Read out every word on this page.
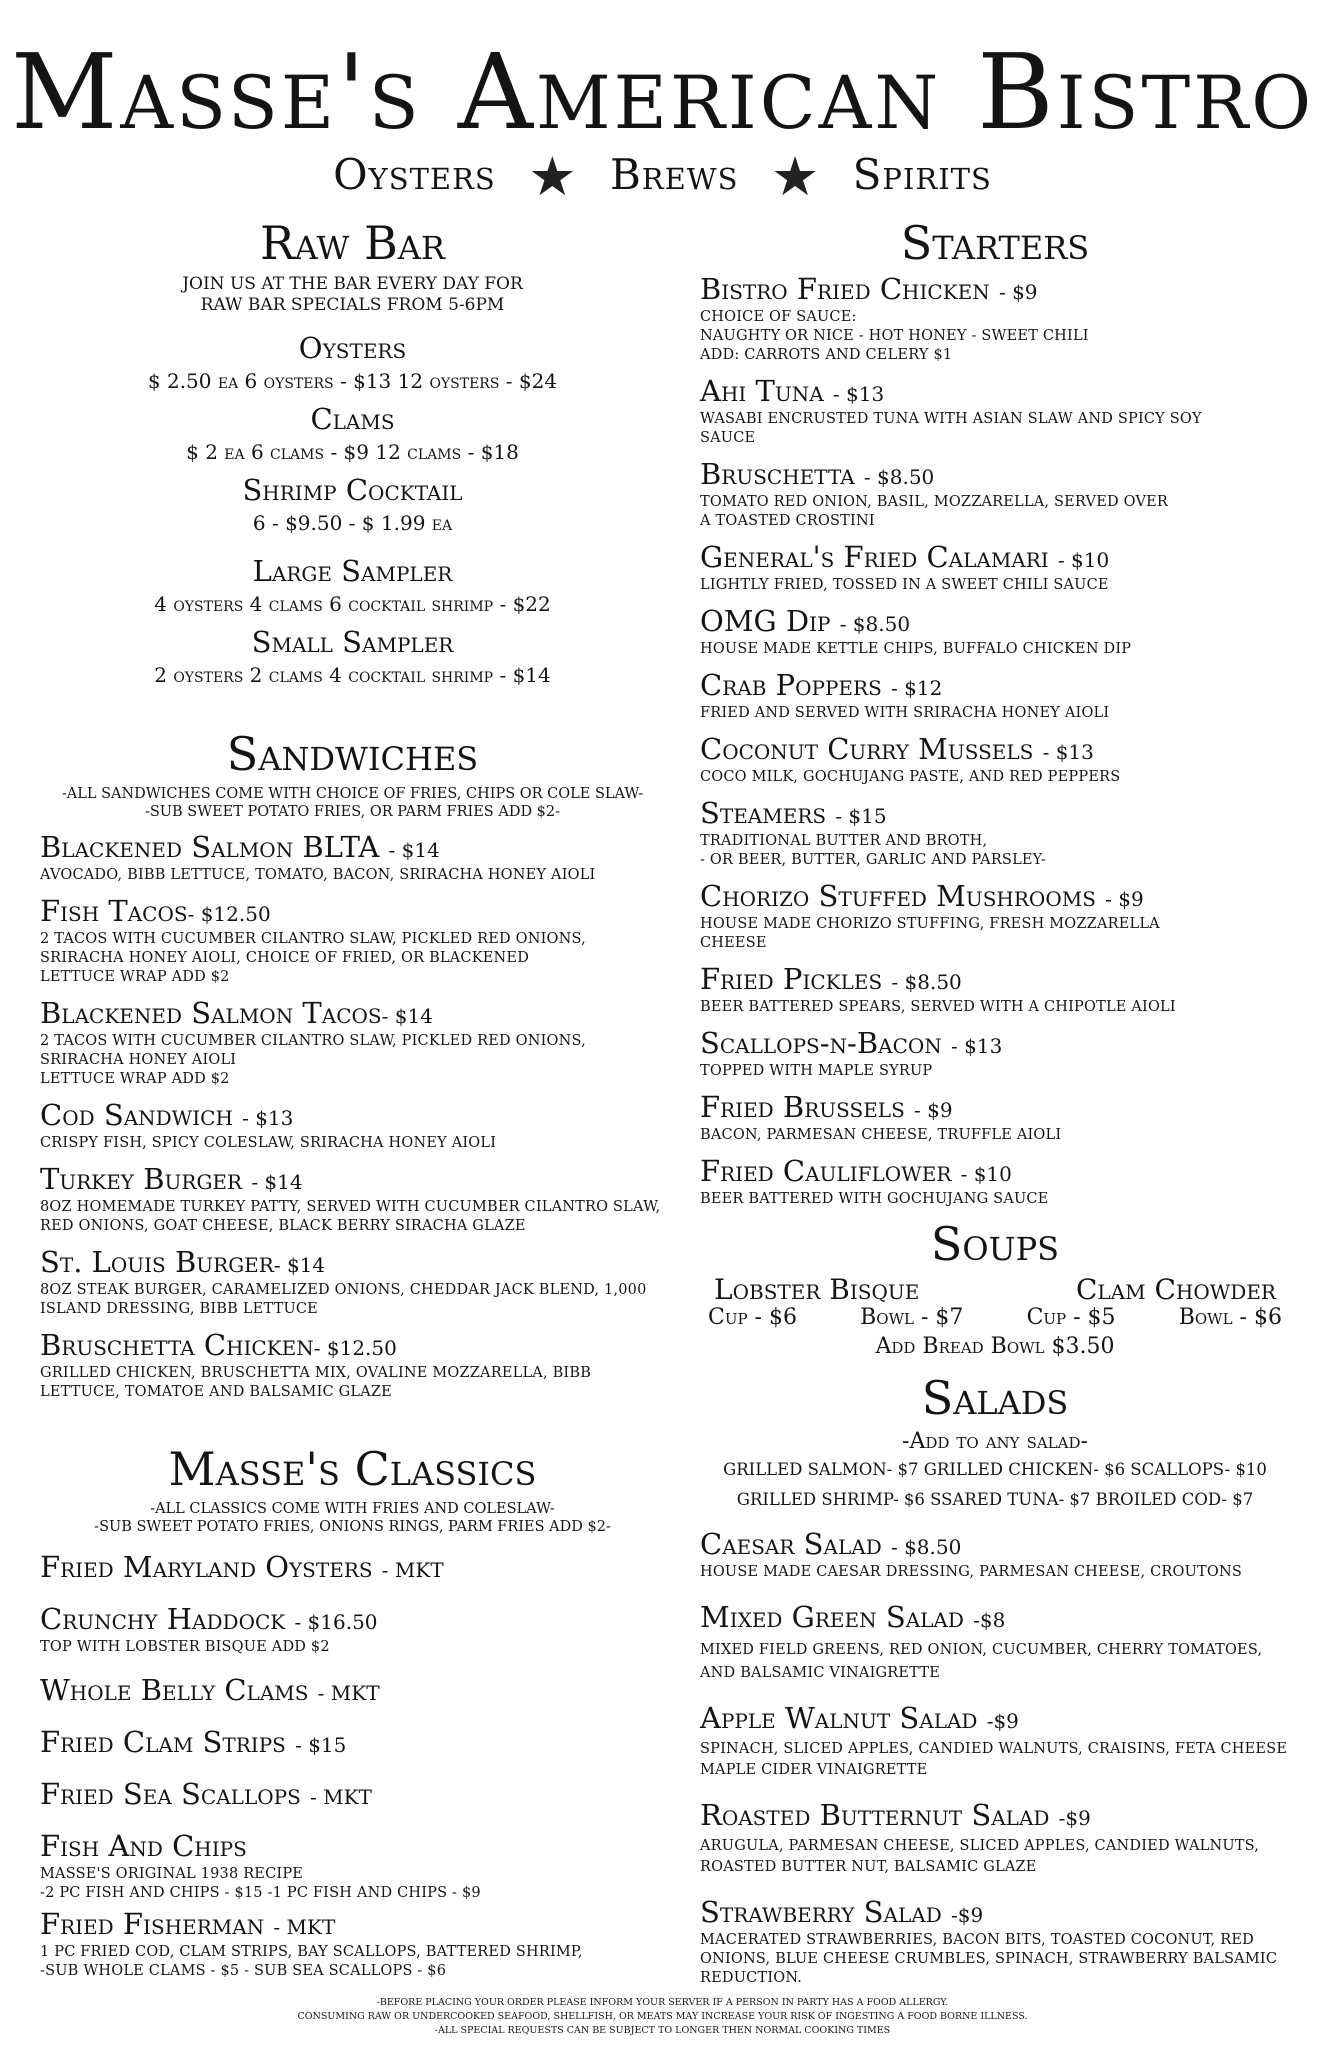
Masse's American Bistro
Oysters ★ Brews ★ Spirits
Raw Bar
JOIN US AT THE BAR EVERY DAY FOR
RAW BAR SPECIALS FROM 5-6PM
Oysters
$ 2.50 ea 6 oysters - $13 12 oysters - $24
Clams
$ 2 ea 6 clams - $9 12 clams - $18
Shrimp Cocktail
6 - $9.50 - $ 1.99 ea
Large Sampler
4 oysters 4 clams 6 cocktail shrimp - $22
Small Sampler
2 oysters 2 clams 4 cocktail shrimp - $14
Sandwiches
-ALL SANDWICHES COME WITH CHOICE OF FRIES, CHIPS OR COLE SLAW-
-SUB SWEET POTATO FRIES, OR PARM FRIES ADD $2-
Blackened Salmon BLTA - $14
AVOCADO, BIBB LETTUCE, TOMATO, BACON, SRIRACHA HONEY AIOLI
Fish Tacos- $12.50
2 TACOS WITH CUCUMBER CILANTRO SLAW, PICKLED RED ONIONS,
SRIRACHA HONEY AIOLI, CHOICE OF FRIED, OR BLACKENED
LETTUCE WRAP ADD $2
Blackened Salmon Tacos- $14
2 TACOS WITH CUCUMBER CILANTRO SLAW, PICKLED RED ONIONS,
SRIRACHA HONEY AIOLI
LETTUCE WRAP ADD $2
Cod Sandwich - $13
CRISPY FISH, SPICY COLESLAW, SRIRACHA HONEY AIOLI
Turkey Burger - $14
8OZ HOMEMADE TURKEY PATTY, SERVED WITH CUCUMBER CILANTRO SLAW,
RED ONIONS, GOAT CHEESE, BLACK BERRY SIRACHA GLAZE
St. Louis Burger- $14
8OZ STEAK BURGER, CARAMELIZED ONIONS, CHEDDAR JACK BLEND, 1,000
ISLAND DRESSING, BIBB LETTUCE
Bruschetta Chicken- $12.50
GRILLED CHICKEN, BRUSCHETTA MIX, OVALINE MOZZARELLA, BIBB
LETTUCE, TOMATOE AND BALSAMIC GLAZE
Masse's Classics
-ALL CLASSICS COME WITH FRIES AND COLESLAW-
-SUB SWEET POTATO FRIES, ONIONS RINGS, PARM FRIES ADD $2-
Fried Maryland Oysters - MKT
Crunchy Haddock - $16.50
TOP WITH LOBSTER BISQUE ADD $2
Whole Belly Clams - MKT
Fried Clam Strips - $15
Fried Sea Scallops - MKT
Fish And Chips
MASSE'S ORIGINAL 1938 RECIPE
-2 PC FISH AND CHIPS - $15 -1 PC FISH AND CHIPS - $9
Fried Fisherman - MKT
1 PC FRIED COD, CLAM STRIPS, BAY SCALLOPS, BATTERED SHRIMP,
-SUB WHOLE CLAMS - $5 - SUB SEA SCALLOPS - $6
Starters
Bistro Fried Chicken - $9
CHOICE OF SAUCE:
NAUGHTY OR NICE - HOT HONEY - SWEET CHILI
ADD: CARROTS AND CELERY $1
Ahi Tuna - $13
WASABI ENCRUSTED TUNA WITH ASIAN SLAW AND SPICY SOY
SAUCE
Bruschetta - $8.50
TOMATO RED ONION, BASIL, MOZZARELLA, SERVED OVER
A TOASTED CROSTINI
General's Fried Calamari - $10
LIGHTLY FRIED, TOSSED IN A SWEET CHILI SAUCE
OMG Dip - $8.50
HOUSE MADE KETTLE CHIPS, BUFFALO CHICKEN DIP
Crab Poppers - $12
FRIED AND SERVED WITH SRIRACHA HONEY AIOLI
Coconut Curry Mussels - $13
COCO MILK, GOCHUJANG PASTE, AND RED PEPPERS
Steamers - $15
TRADITIONAL BUTTER AND BROTH,
- OR BEER, BUTTER, GARLIC AND PARSLEY-
Chorizo Stuffed Mushrooms - $9
HOUSE MADE CHORIZO STUFFING, FRESH MOZZARELLA
CHEESE
Fried Pickles - $8.50
BEER BATTERED SPEARS, SERVED WITH A CHIPOTLE AIOLI
Scallops-n-Bacon - $13
TOPPED WITH MAPLE SYRUP
Fried Brussels - $9
BACON, PARMESAN CHEESE, TRUFFLE AIOLI
Fried Cauliflower - $10
BEER BATTERED WITH GOCHUJANG SAUCE
Soups
Lobster Bisque	Clam Chowder
Cup - $6	Bowl - $7	Cup - $5	Bowl - $6
Add Bread Bowl $3.50
Salads
-Add to any salad-
GRILLED SALMON- $7 GRILLED CHICKEN- $6 SCALLOPS- $10
GRILLED SHRIMP- $6 SSARED TUNA- $7 BROILED COD- $7
Caesar Salad - $8.50
HOUSE MADE CAESAR DRESSING, PARMESAN CHEESE, CROUTONS
Mixed Green Salad -$8
MIXED FIELD GREENS, RED ONION, CUCUMBER, CHERRY TOMATOES,
AND BALSAMIC VINAIGRETTE
Apple Walnut Salad -$9
SPINACH, SLICED APPLES, CANDIED WALNUTS, CRAISINS, FETA CHEESE
MAPLE CIDER VINAIGRETTE
Roasted Butternut Salad -$9
ARUGULA, PARMESAN CHEESE, SLICED APPLES, CANDIED WALNUTS,
ROASTED BUTTER NUT, BALSAMIC GLAZE
Strawberry Salad -$9
MACERATED STRAWBERRIES, BACON BITS, TOASTED COCONUT, RED
ONIONS, BLUE CHEESE CRUMBLES, SPINACH, STRAWBERRY BALSAMIC
REDUCTION.
-BEFORE PLACING YOUR ORDER PLEASE INFORM YOUR SERVER IF A PERSON IN PARTY HAS A FOOD ALLERGY.
CONSUMING RAW OR UNDERCOOKED SEAFOOD, SHELLFISH, OR MEATS MAY INCREASE YOUR RISK OF INGESTING A FOOD BORNE ILLNESS.
-ALL SPECIAL REQUESTS CAN BE SUBJECT TO LONGER THEN NORMAL COOKING TIMES
